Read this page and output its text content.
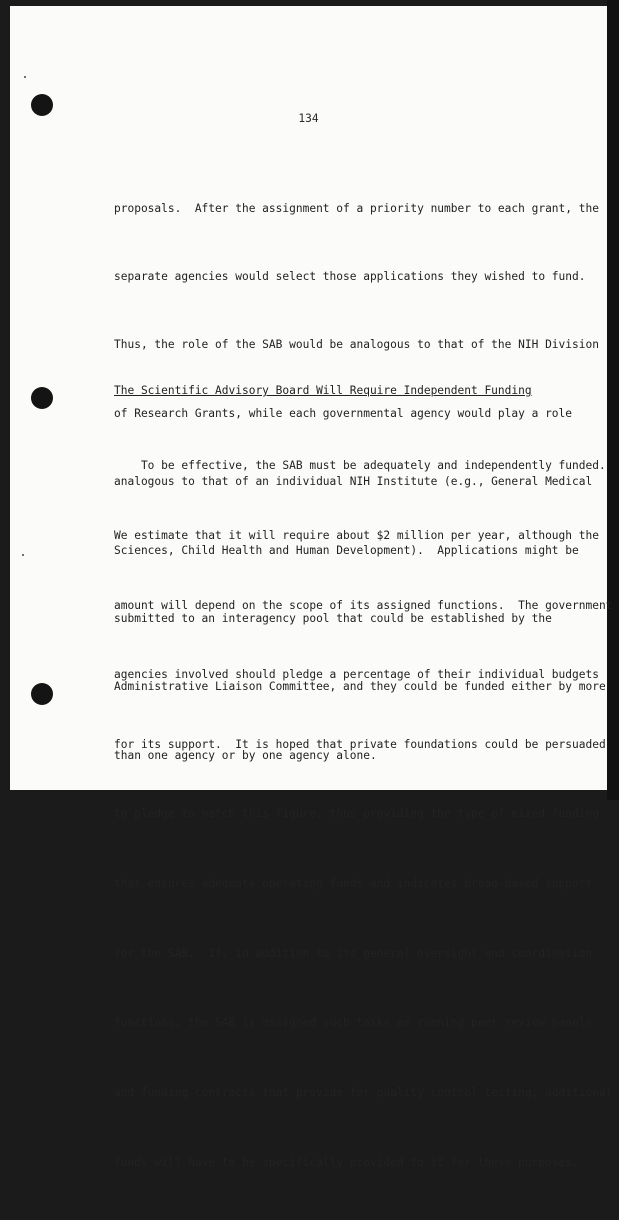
134

proposals.  After the assignment of a priority number to each grant, the

separate agencies would select those applications they wished to fund.

Thus, the role of the SAB would be analogous to that of the NIH Division

of Research Grants, while each governmental agency would play a role

analogous to that of an individual NIH Institute (e.g., General Medical

Sciences, Child Health and Human Development).  Applications might be

submitted to an interagency pool that could be established by the

Administrative Liaison Committee, and they could be funded either by more

than one agency or by one agency alone.

The Scientific Advisory Board Will Require Independent Funding

To be effective, the SAB must be adequately and independently funded.

We estimate that it will require about $2 million per year, although the

amount will depend on the scope of its assigned functions.  The government

agencies involved should pledge a percentage of their individual budgets

for its support.  It is hoped that private foundations could be persuaded

to pledge to match this figure, thus providing the type of mixed funding

that ensures adequate operating funds and indicates broad-based support

for the SAB.  If, in addition to its general oversight and coordination

functions, the SAB is assigned such tasks as running peer review panels

and funding contracts that provide for quality control testing, additional

funds will have to be specifically provided to it for these purposes.
